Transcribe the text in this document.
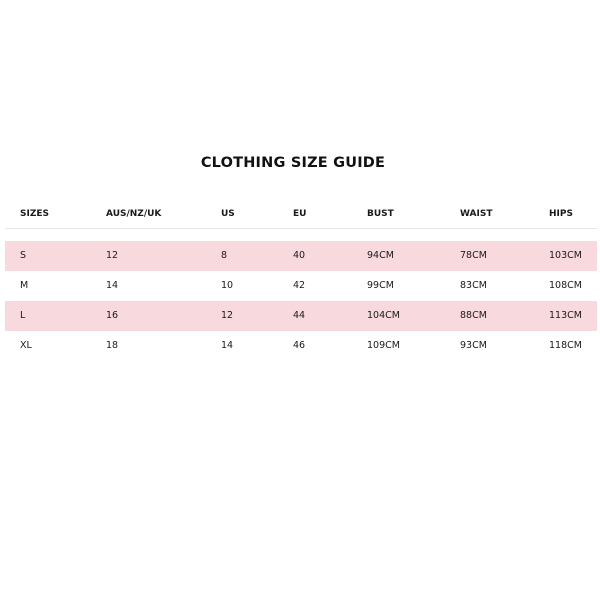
CLOTHING SIZE GUIDE
SIZES	AUS/NZ/UK	US	EU	BUST	WAIST	HIPS
S	12	8	40	94CM	78CM	103CM
M	14	10	42	99CM	83CM	108CM
L	16	12	44	104CM	88CM	113CM
XL	18	14	46	109CM	93CM	118CM
